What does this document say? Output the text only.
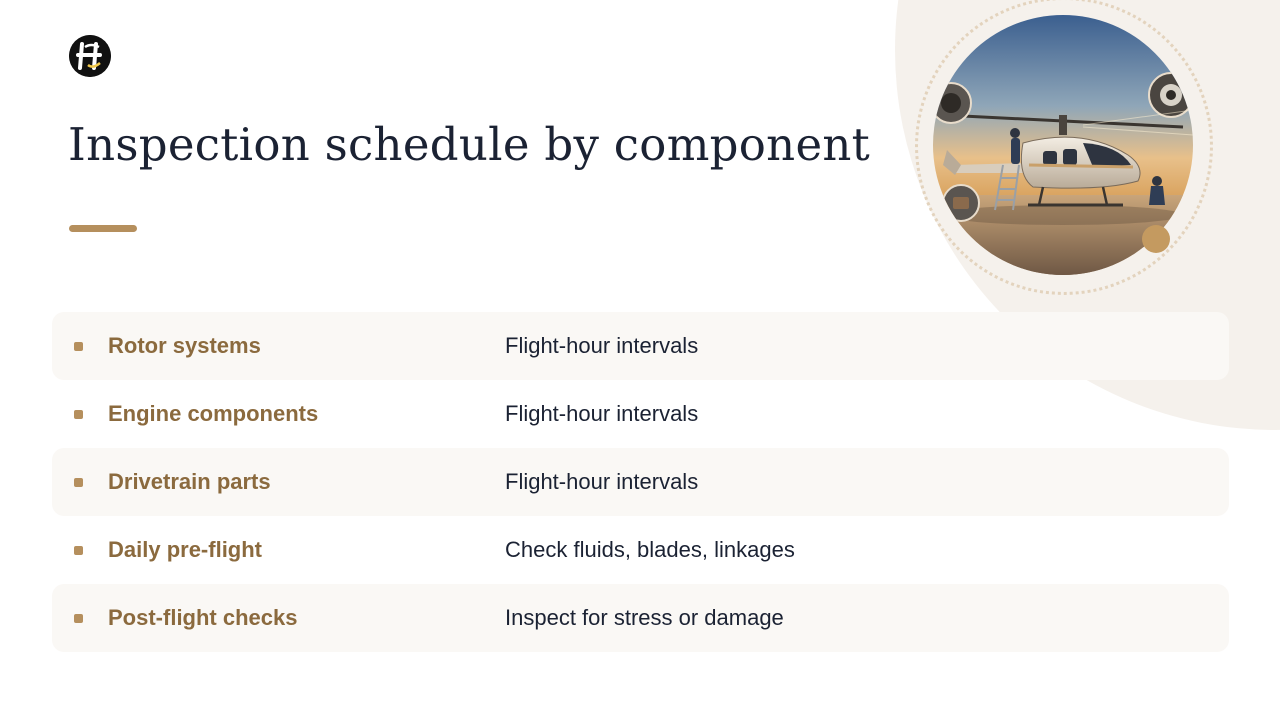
Inspection schedule by component
Rotor systems	Flight-hour intervals
Engine components	Flight-hour intervals
Drivetrain parts	Flight-hour intervals
Daily pre-flight	Check fluids, blades, linkages
Post-flight checks	Inspect for stress or damage
